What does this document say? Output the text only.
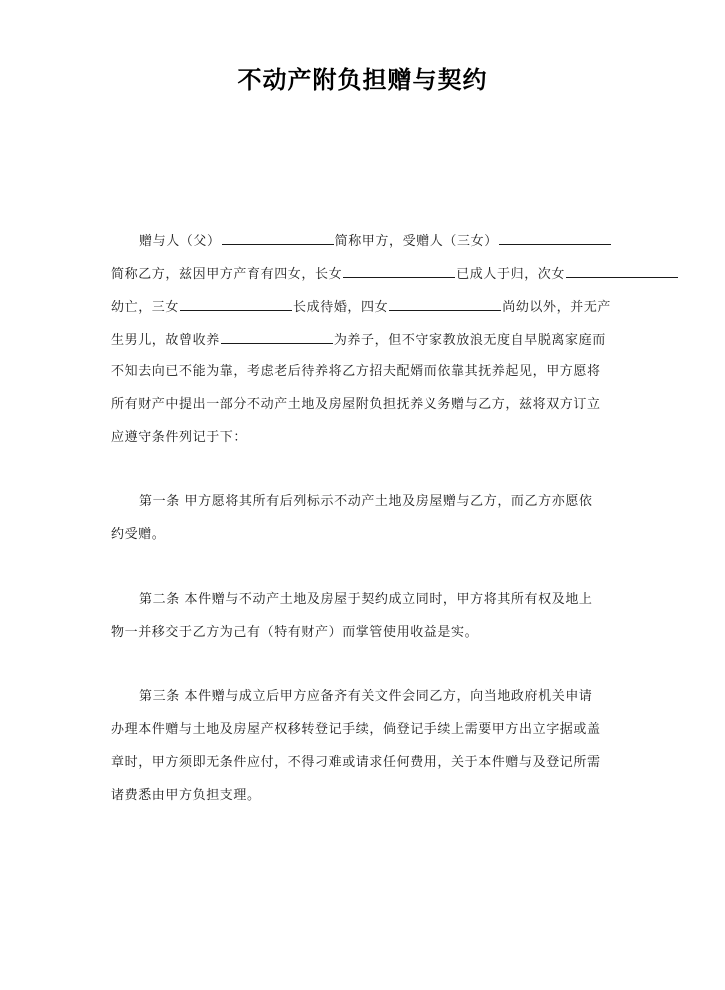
不动产附负担赠与契约
赠与人（父）	简称甲方，受赠人（三女）
简称乙方，兹因甲方产育有四女，长女	已成人于归，次女
幼亡，三女	长成待婚，四女	尚幼以外，并无产
生男儿，故曾收养	为养子，但不守家教放浪无度自早脱离家庭而
不知去向已不能为靠，考虑老后待养将乙方招夫配婿而依靠其抚养起见，甲方愿将
所有财产中提出一部分不动产土地及房屋附负担抚养义务赠与乙方，兹将双方订立
应遵守条件列记于下：
第一条 甲方愿将其所有后列标示不动产土地及房屋赠与乙方，而乙方亦愿依
约受赠。
第二条 本件赠与不动产土地及房屋于契约成立同时，甲方将其所有权及地上
物一并移交于乙方为己有（特有财产）而掌管使用收益是实。
第三条 本件赠与成立后甲方应备齐有关文件会同乙方，向当地政府机关申请
办理本件赠与土地及房屋产权移转登记手续，倘登记手续上需要甲方出立字据或盖
章时，甲方须即无条件应付，不得刁难或请求任何费用，关于本件赠与及登记所需
诸费悉由甲方负担支理。
